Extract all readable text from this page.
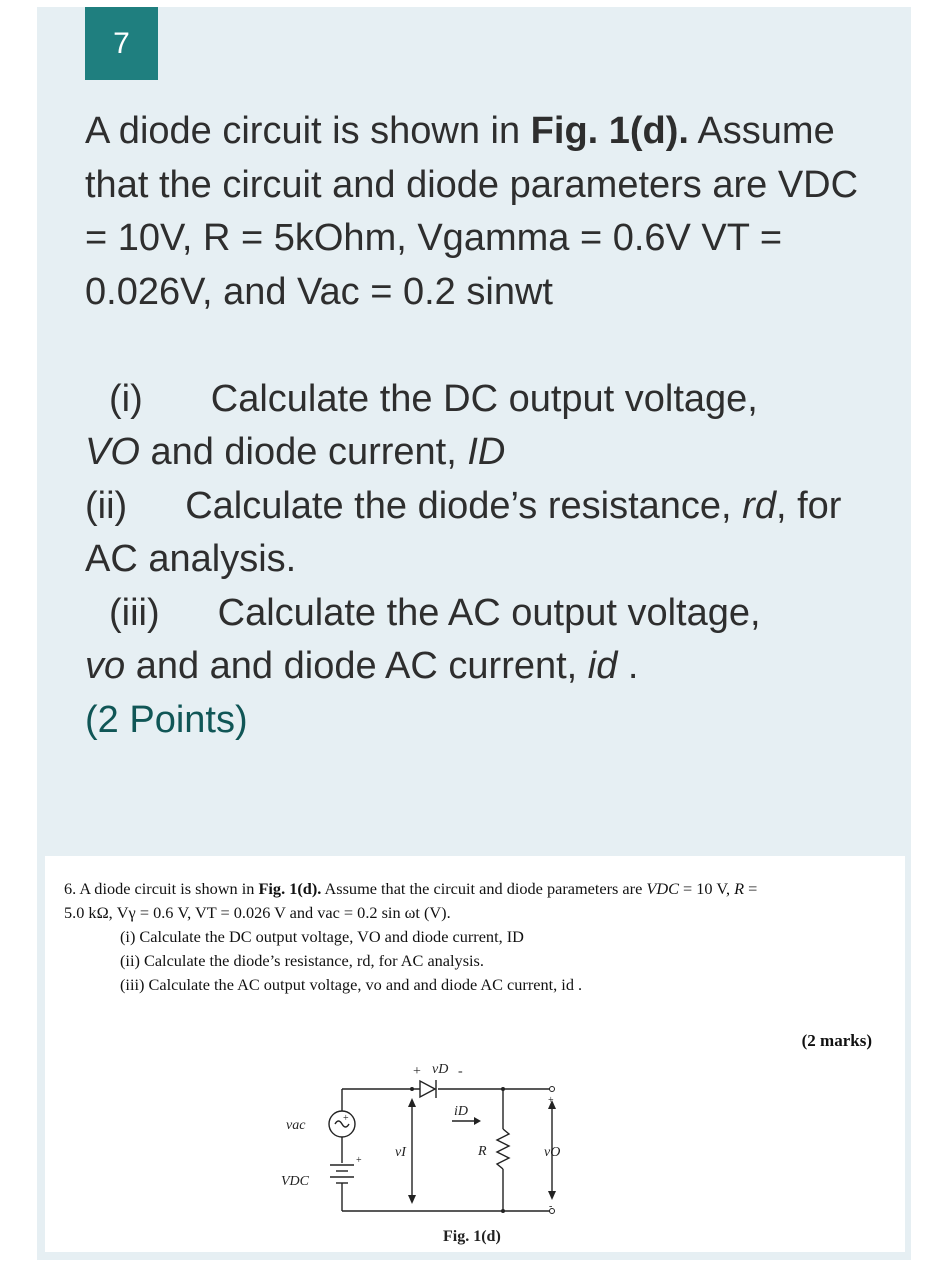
7

A diode circuit is shown in Fig. 1(d). Assume that the circuit and diode parameters are VDC = 10V, R = 5kOhm, Vgamma = 0.6V VT = 0.026V, and Vac = 0.2 sinwt

(i) Calculate the DC output voltage,

VO and diode current, ID

(ii) Calculate the diode’s resistance, rd, for AC analysis.

(iii) Calculate the AC output voltage,

vo and and diode AC current, id .

(2 Points)

6. A diode circuit is shown in Fig. 1(d). Assume that the circuit and diode parameters are VDC = 10 V, R =

5.0 kΩ, Vγ = 0.6 V, VT = 0.026 V and vac = 0.2 sin ωt (V).

(i) Calculate the DC output voltage, VO and diode current, ID

(ii) Calculate the diode’s resistance, rd, for AC analysis.

(iii) Calculate the AC output voltage, vo and and diode AC current, id .

(2 marks)
+ vD -
iD
vac	+
vI	R	vO
VDC
+
+
-
Fig. 1(d)
